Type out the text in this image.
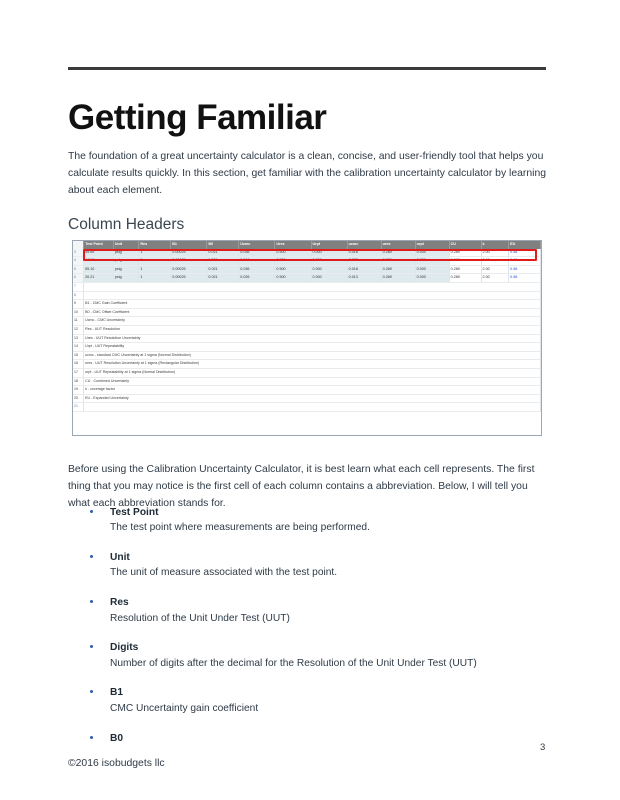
Getting Familiar

The foundation of a great uncertainty calculator is a clean, concise, and user-friendly tool that helps you calculate results quickly. In this section, get familiar with the calibration uncertainty calculator by learning about each element.

Column Headers
	Test Point	Unit	Res	B1	B0	Ucmc	Ures	Urpt	ucmc	ures	urpt	CU	k	EU
3	59.89	psig	1	0.00025	0.021	0.036	0.500	0.000	0.018	0.289	0.000	0.289	2.00	0.58
4	44.16	psig	1	0.00025	0.021	0.046	0.500	0.000	0.023	0.289	0.000	0.290	2.00	0.68
5	55.10	psig	1	0.00025	0.021	0.036	0.500	0.000	0.018	0.289	0.000	0.289	2.00	0.58
6	20.21	psig	1	0.00025	0.021	0.026	0.500	0.000	0.013	0.289	0.000	0.289	2.00	0.58
7														
8														
9	B1 - CMC Gain Coefficient													
10	B0 - CMC Offset Coefficient													
11	Ucmc - CMC Uncertainty													
12	Res - UUT Resolution													
13	Ures - UUT Resolution Uncertainty													
14	Urpt - UUT Repeatability													
15	ucmc - standard CMC Uncertainty at 1 sigma (Normal Distribution)													
16	ures - UUT Resolution Uncertainty at 1 sigma (Rectangular Distribution)													
17	urpt - UUT Repeatability at 1 sigma (Normal Distribution)													
18	CU - Combined Uncertainty													
19	k - coverage factor													
20	EU - Expanded Uncertainty													
21														

Before using the Calibration Uncertainty Calculator, it is best learn what each cell represents. The first thing that you may notice is the first cell of each column contains a abbreviation. Below, I will tell you what each abbreviation stands for.

Test Point
The test point where measurements are being performed.
Unit
The unit of measure associated with the test point.
Res
Resolution of the Unit Under Test (UUT)
Digits
Number of digits after the decimal for the Resolution of the Unit Under Test (UUT)
B1
CMC Uncertainty gain coefficient
B0
©2016 isobudgets llc
3
